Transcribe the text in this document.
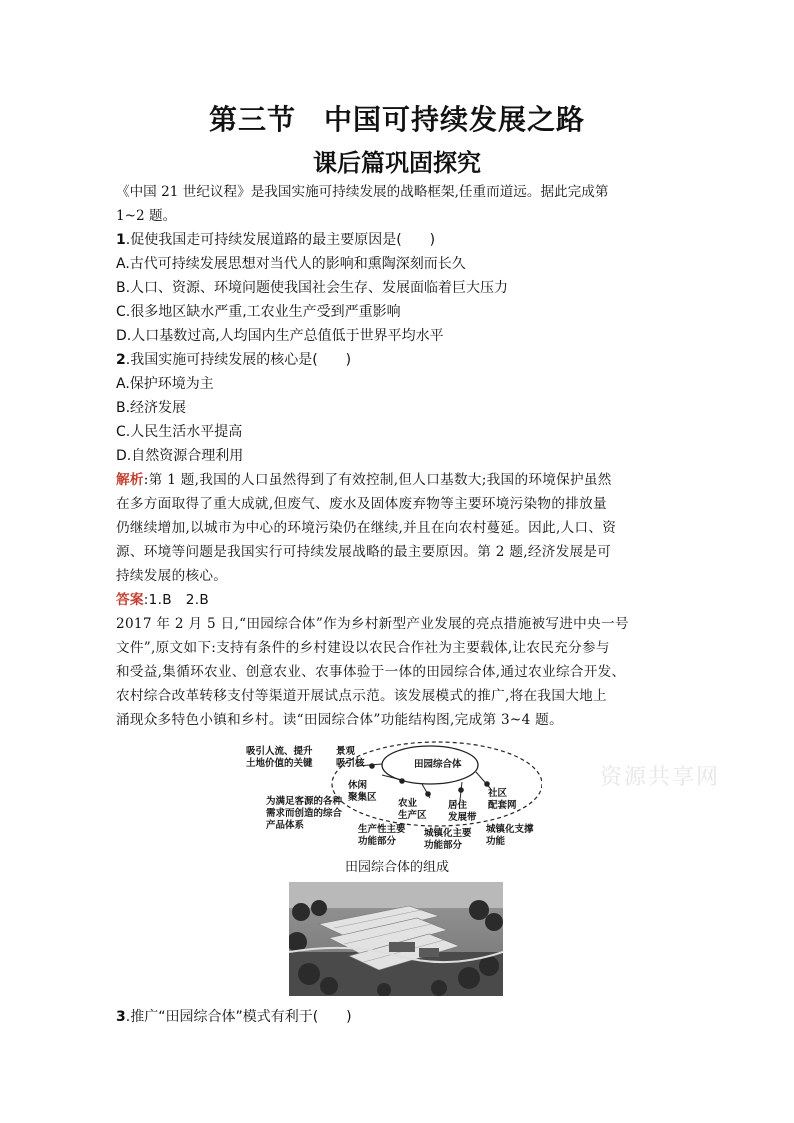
第三节 中国可持续发展之路
课后篇巩固探究
《中国 21 世纪议程》是我国实施可持续发展的战略框架,任重而道远。据此完成第
1~2 题。
1.促使我国走可持续发展道路的最主要原因是(　　)
A.古代可持续发展思想对当代人的影响和熏陶深刻而长久
B.人口、资源、环境问题使我国社会生存、发展面临着巨大压力
C.很多地区缺水严重,工农业生产受到严重影响
D.人口基数过高,人均国内生产总值低于世界平均水平
2.我国实施可持续发展的核心是(　　)
A.保护环境为主
B.经济发展
C.人民生活水平提高
D.自然资源合理利用
解析:第 1 题,我国的人口虽然得到了有效控制,但人口基数大;我国的环境保护虽然
在多方面取得了重大成就,但废气、废水及固体废弃物等主要环境污染物的排放量
仍继续增加,以城市为中心的环境污染仍在继续,并且在向农村蔓延。因此,人口、资
源、环境等问题是我国实行可持续发展战略的最主要原因。第 2 题,经济发展是可
持续发展的核心。
答案:1.B　2.B
2017 年 2 月 5 日,“田园综合体”作为乡村新型产业发展的亮点措施被写进中央一号
文件”,原文如下:支持有条件的乡村建设以农民合作社为主要载体,让农民充分参与
和受益,集循环农业、创意农业、农事体验于一体的田园综合体,通过农业综合开发、
农村综合改革转移支付等渠道开展试点示范。该发展模式的推广,将在我国大地上
涌现众多特色小镇和乡村。读“田园综合体”功能结构图,完成第 3~4 题。
田园综合体
吸引人流、提升
土地价值的关键
景观
吸引核
休闲
聚集区
农业
生产区
居住
发展带
社区
配套网
为满足客源的各种
需求而创造的综合
产品体系	生产性主要
功能部分
城镇化主要
功能部分
城镇化支撑
功能
田园综合体的组成
资源共享网
3.推广“田园综合体”模式有利于(　　)
